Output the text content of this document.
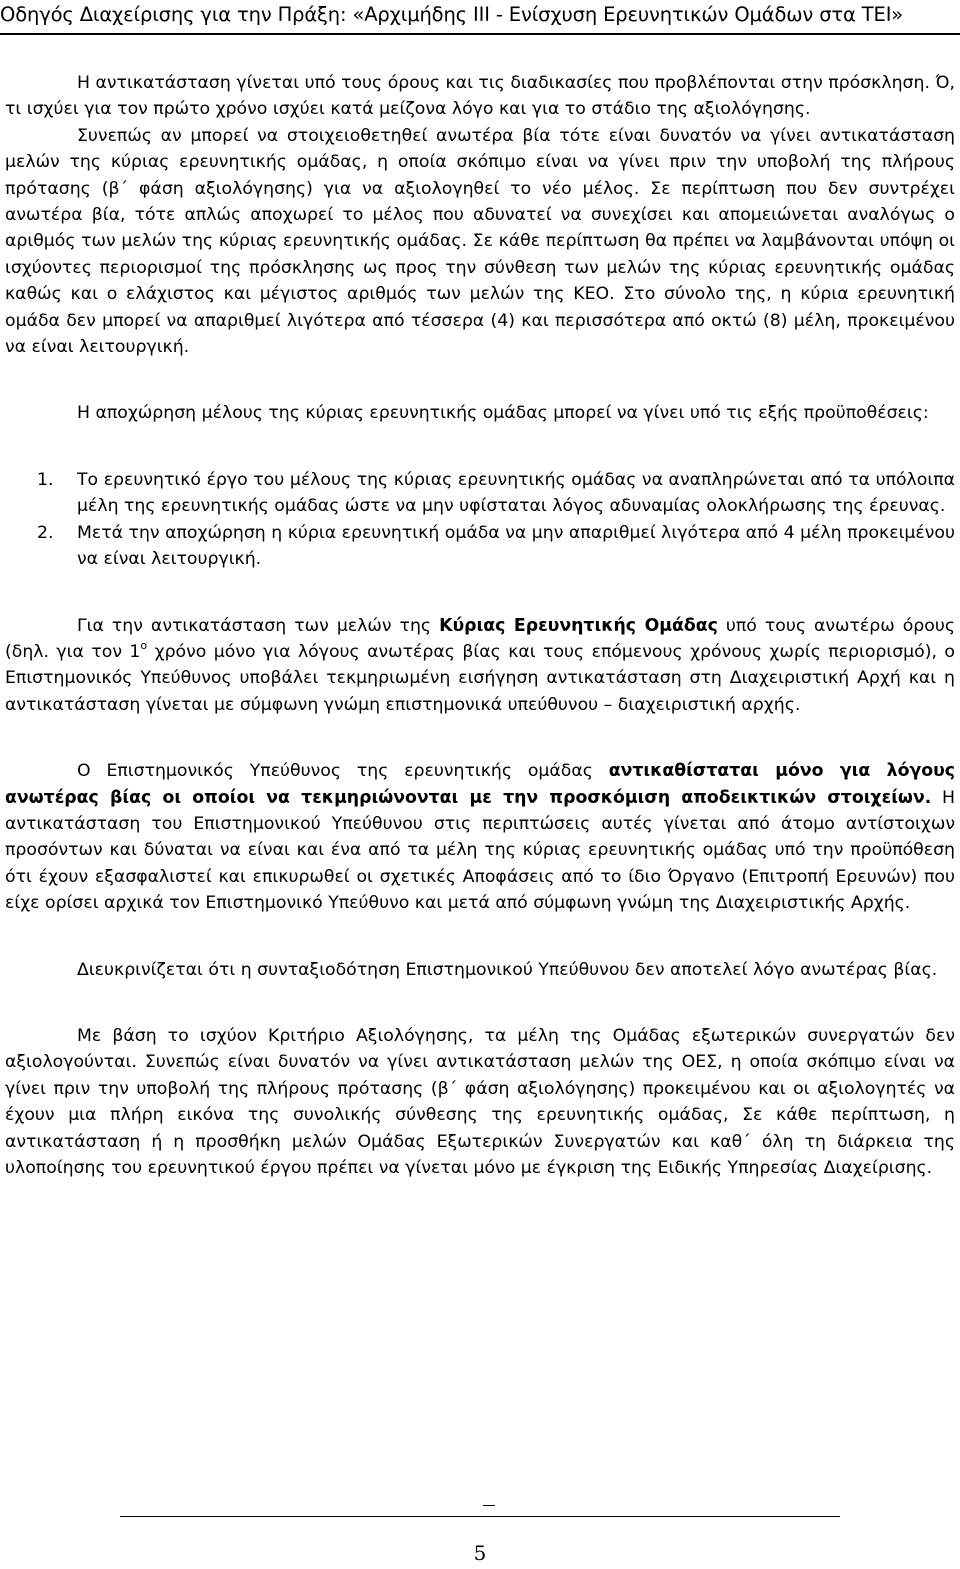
Οδηγός Διαχείρισης για την Πράξη: «Αρχιμήδης ΙΙΙ - Ενίσχυση Ερευνητικών Ομάδων στα ΤΕΙ»

Η αντικατάσταση γίνεται υπό τους όρους και τις διαδικασίες που προβλέπονται στην πρόσκληση. Ό, τι ισχύει για τον πρώτο χρόνο ισχύει κατά μείζονα λόγο και για το στάδιο της αξιολόγησης.

Συνεπώς αν μπορεί να στοιχειοθετηθεί ανωτέρα βία τότε είναι δυνατόν να γίνει αντικατάσταση μελών της κύριας ερευνητικής ομάδας, η οποία σκόπιμο είναι να γίνει πριν την υποβολή της πλήρους πρότασης (β΄ φάση αξιολόγησης) για να αξιολογηθεί το νέο μέλος. Σε περίπτωση που δεν συντρέχει ανωτέρα βία, τότε απλώς αποχωρεί το μέλος που αδυνατεί να συνεχίσει και απομειώνεται αναλόγως ο αριθμός των μελών της κύριας ερευνητικής ομάδας. Σε κάθε περίπτωση θα πρέπει να λαμβάνονται υπόψη οι ισχύοντες περιορισμοί της πρόσκλησης ως προς την σύνθεση των μελών της κύριας ερευνητικής ομάδας καθώς και ο ελάχιστος και μέγιστος αριθμός των μελών της ΚΕΟ. Στο σύνολο της, η κύρια ερευνητική ομάδα δεν μπορεί να απαριθμεί λιγότερα από τέσσερα (4) και περισσότερα από οκτώ (8) μέλη, προκειμένου να είναι λειτουργική.

Η αποχώρηση μέλους της κύριας ερευνητικής ομάδας μπορεί να γίνει υπό τις εξής προϋποθέσεις:

1. Το ερευνητικό έργο του μέλους της κύριας ερευνητικής ομάδας να αναπληρώνεται από τα υπόλοιπα μέλη της ερευνητικής ομάδας ώστε να μην υφίσταται λόγος αδυναμίας ολοκλήρωσης της έρευνας.
2. Μετά την αποχώρηση η κύρια ερευνητική ομάδα να μην απαριθμεί λιγότερα από 4 μέλη προκειμένου να είναι λειτουργική.

Για την αντικατάσταση των μελών της Κύριας Ερευνητικής Ομάδας υπό τους ανωτέρω όρους (δηλ. για τον $1^o$ χρόνο μόνο για λόγους ανωτέρας βίας και τους επόμενους χρόνους χωρίς περιορισμό), ο Επιστημονικός Υπεύθυνος υποβάλει τεκμηριωμένη εισήγηση αντικατάσταση στη Διαχειριστική Αρχή και η αντικατάσταση γίνεται με σύμφωνη γνώμη επιστημονικά υπεύθυνου – διαχειριστική αρχής.

Ο Επιστημονικός Υπεύθυνος της ερευνητικής ομάδας αντικαθίσταται μόνο για λόγους ανωτέρας βίας οι οποίοι να τεκμηριώνονται με την προσκόμιση αποδεικτικών στοιχείων. Η αντικατάσταση του Επιστημονικού Υπεύθυνου στις περιπτώσεις αυτές γίνεται από άτομο αντίστοιχων προσόντων και δύναται να είναι και ένα από τα μέλη της κύριας ερευνητικής ομάδας υπό την προϋπόθεση ότι έχουν εξασφαλιστεί και επικυρωθεί οι σχετικές Αποφάσεις από το ίδιο Όργανο (Επιτροπή Ερευνών) που είχε ορίσει αρχικά τον Επιστημονικό Υπεύθυνο και μετά από σύμφωνη γνώμη της Διαχειριστικής Αρχής.

Διευκρινίζεται ότι η συνταξιοδότηση Επιστημονικού Υπεύθυνου δεν αποτελεί λόγο ανωτέρας βίας.

Με βάση το ισχύον Κριτήριο Αξιολόγησης, τα μέλη της Ομάδας εξωτερικών συνεργατών δεν αξιολογούνται. Συνεπώς είναι δυνατόν να γίνει αντικατάσταση μελών της ΟΕΣ, η οποία σκόπιμο είναι να γίνει πριν την υποβολή της πλήρους πρότασης (β΄ φάση αξιολόγησης) προκειμένου και οι αξιολογητές να έχουν μια πλήρη εικόνα της συνολικής σύνθεσης της ερευνητικής ομάδας, Σε κάθε περίπτωση, η αντικατάσταση ή η προσθήκη μελών Ομάδας Εξωτερικών Συνεργατών και καθ΄ όλη τη διάρκεια της υλοποίησης του ερευνητικού έργου πρέπει να γίνεται μόνο με έγκριση της Ειδικής Υπηρεσίας Διαχείρισης.

5
